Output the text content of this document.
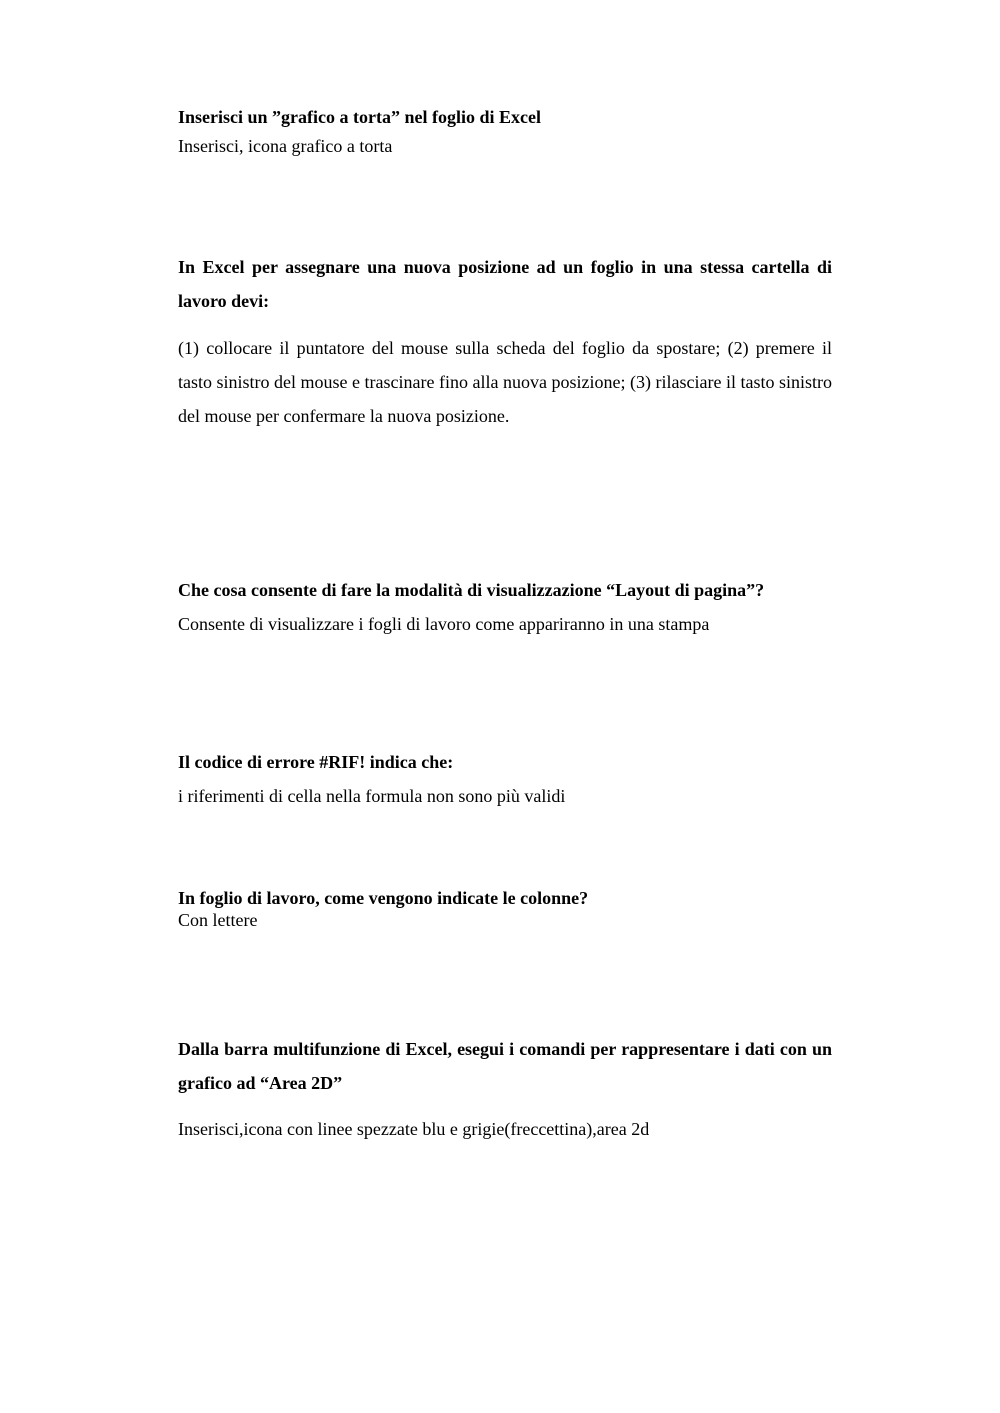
Inserisci un ”grafico a torta” nel foglio di Excel

Inserisci, icona grafico a torta

In Excel per assegnare una nuova posizione ad un foglio in una stessa cartella di lavoro devi:

(1) collocare il puntatore del mouse sulla scheda del foglio da spostare; (2) premere il tasto sinistro del mouse e trascinare fino alla nuova posizione; (3) rilasciare il tasto sinistro del mouse per confermare la nuova posizione.

Che cosa consente di fare la modalità di visualizzazione “Layout di pagina”?

Consente di visualizzare i fogli di lavoro come appariranno in una stampa

Il codice di errore #RIF! indica che:

i riferimenti di cella nella formula non sono più validi

In foglio di lavoro, come vengono indicate le colonne?

Con lettere

Dalla barra multifunzione di Excel, esegui i comandi per rappresentare i dati con un grafico ad “Area 2D”

Inserisci,icona con linee spezzate blu e grigie(freccettina),area 2d
